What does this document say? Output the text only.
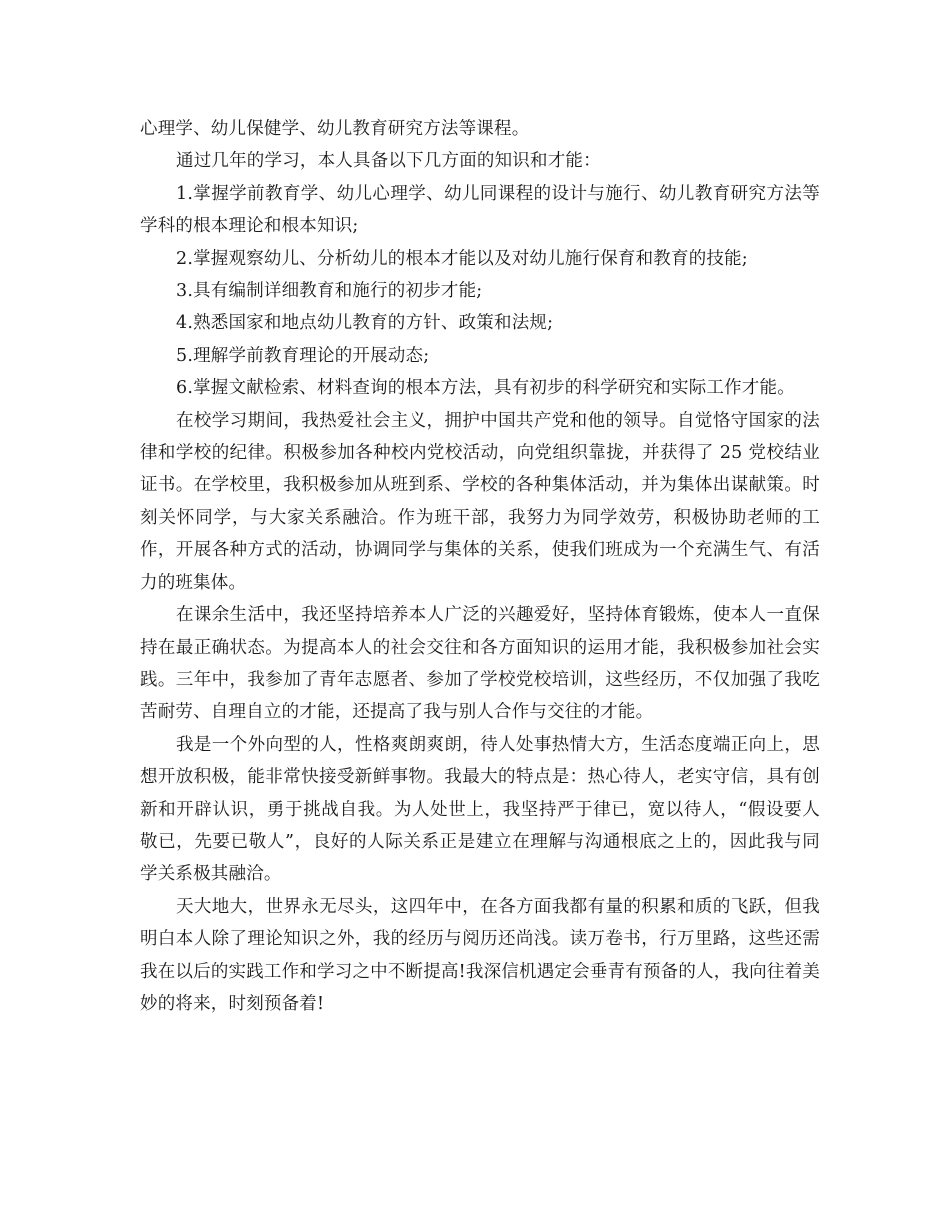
心理学、幼儿保健学、幼儿教育研究方法等课程。

通过几年的学习，本人具备以下几方面的知识和才能：

1.掌握学前教育学、幼儿心理学、幼儿同课程的设计与施行、幼儿教育研究方法等学科的根本理论和根本知识;

2.掌握观察幼儿、分析幼儿的根本才能以及对幼儿施行保育和教育的技能;

3.具有编制详细教育和施行的初步才能;

4.熟悉国家和地点幼儿教育的方针、政策和法规;

5.理解学前教育理论的开展动态;

6.掌握文献检索、材料查询的根本方法，具有初步的科学研究和实际工作才能。

在校学习期间，我热爱社会主义，拥护中国共产党和他的领导。自觉恪守国家的法律和学校的纪律。积极参加各种校内党校活动，向党组织靠拢，并获得了 25 党校结业证书。在学校里，我积极参加从班到系、学校的各种集体活动，并为集体出谋献策。时刻关怀同学，与大家关系融洽。作为班干部，我努力为同学效劳，积极协助老师的工作，开展各种方式的活动，协调同学与集体的关系，使我们班成为一个充满生气、有活力的班集体。

在课余生活中，我还坚持培养本人广泛的兴趣爱好，坚持体育锻炼，使本人一直保持在最正确状态。为提高本人的社会交往和各方面知识的运用才能，我积极参加社会实践。三年中，我参加了青年志愿者、参加了学校党校培训，这些经历，不仅加强了我吃苦耐劳、自理自立的才能，还提高了我与别人合作与交往的才能。

我是一个外向型的人，性格爽朗爽朗，待人处事热情大方，生活态度端正向上，思想开放积极，能非常快接受新鲜事物。我最大的特点是：热心待人，老实守信，具有创新和开辟认识，勇于挑战自我。为人处世上，我坚持严于律已，宽以待人，“假设要人敬已，先要已敬人”，良好的人际关系正是建立在理解与沟通根底之上的，因此我与同学关系极其融洽。

天大地大，世界永无尽头，这四年中，在各方面我都有量的积累和质的飞跃，但我明白本人除了理论知识之外，我的经历与阅历还尚浅。读万卷书，行万里路，这些还需我在以后的实践工作和学习之中不断提高!我深信机遇定会垂青有预备的人，我向往着美妙的将来，时刻预备着!
